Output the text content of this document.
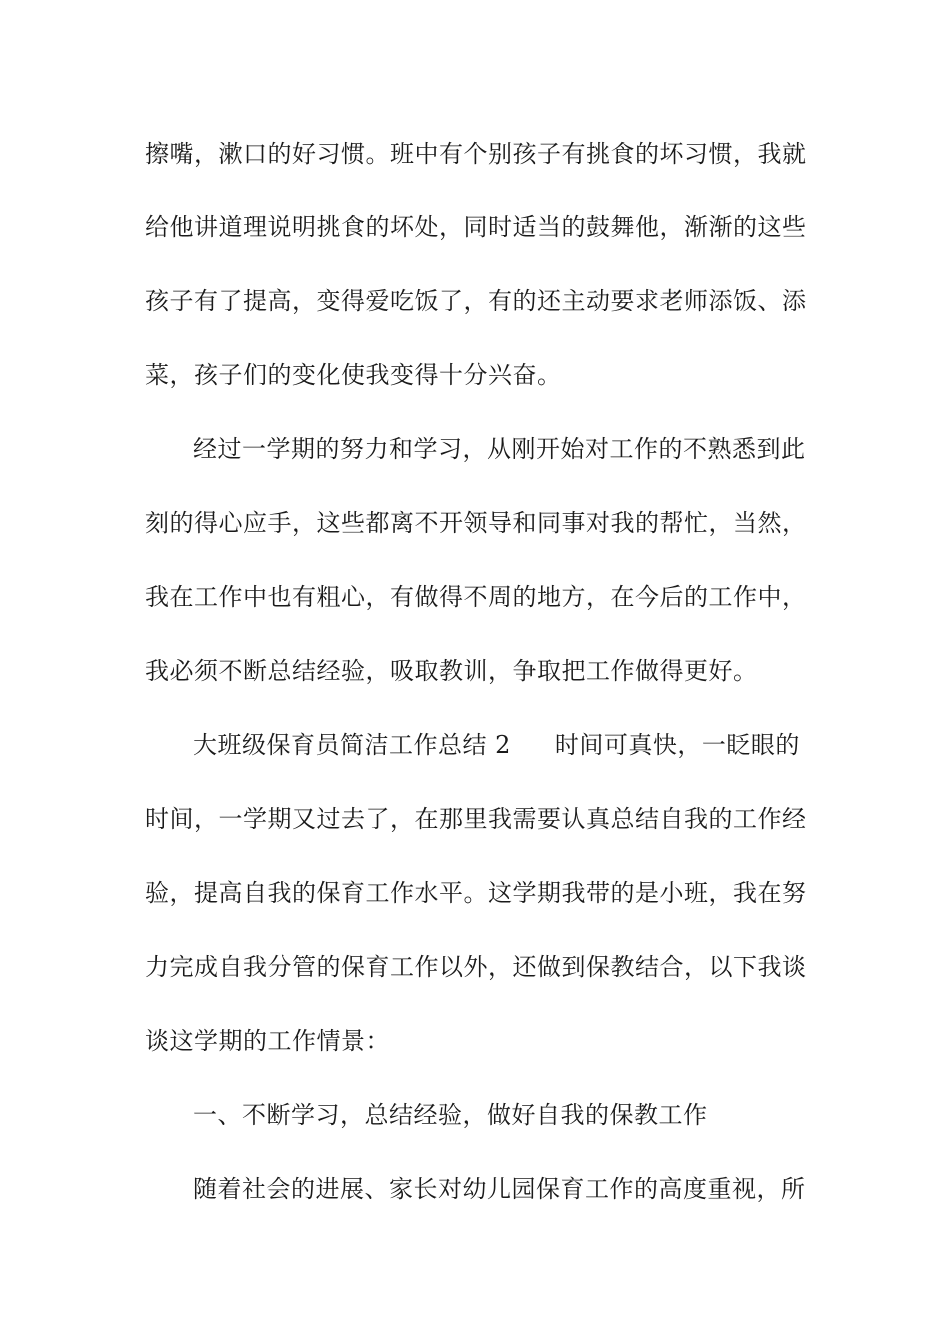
擦嘴，漱口的好习惯。班中有个别孩子有挑食的坏习惯，我就
给他讲道理说明挑食的坏处，同时适当的鼓舞他，渐渐的这些
孩子有了提高，变得爱吃饭了，有的还主动要求老师添饭、添
菜，孩子们的变化使我变得十分兴奋。
经过一学期的努力和学习，从刚开始对工作的不熟悉到此
刻的得心应手，这些都离不开领导和同事对我的帮忙，当然，
我在工作中也有粗心，有做得不周的地方，在今后的工作中，
我必须不断总结经验，吸取教训，争取把工作做得更好。
大班级保育员简洁工作总结 2 时间可真快，一眨眼的
时间，一学期又过去了，在那里我需要认真总结自我的工作经
验，提高自我的保育工作水平。这学期我带的是小班，我在努
力完成自我分管的保育工作以外，还做到保教结合，以下我谈
谈这学期的工作情景：
一、不断学习，总结经验，做好自我的保教工作
随着社会的进展、家长对幼儿园保育工作的高度重视，所
